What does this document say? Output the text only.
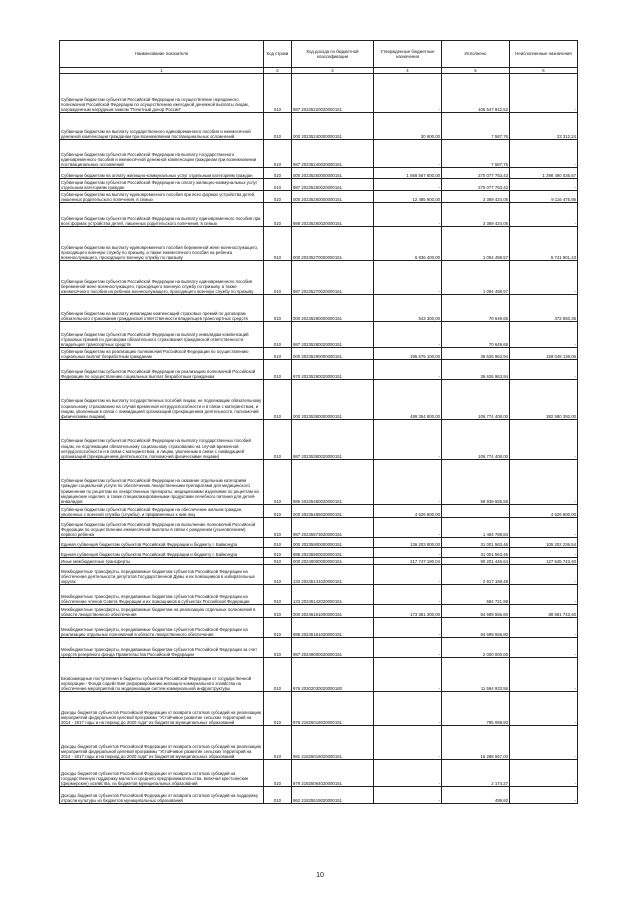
Наименование показателя	Код строки	Код дохода по бюджетной классификации	Утвержденные бюджетные назначения	Исполнено	Неисполненные назначения
1	2	3	4	5	6
Субвенции бюджетам субъектов Российской Федерации на осуществление переданного полномочия Российской Федерации по осуществлению ежегодной денежной выплаты лицам, награжденным нагрудным знаком "Почетный донор России"	010	987 20235220020000151	-	105 547 842,52	-
Субвенции бюджетам на выплату государственного единовременного пособия и ежемесячной денежной компенсации гражданам при возникновении поствакцинальных осложнений	010	000 20235240000000151	30 900,00	7 587,76	23 312,24
Субвенции бюджетам субъектов Российской Федерации на выплату государственного единовременного пособия и ежемесячной денежной компенсации гражданам при возникновении поствакцинальных осложнений	010	987 20235240020000151	-	7 587,76	-
Субвенции бюджетам на оплату жилищно-коммунальных услуг отдельным категориям граждан	010	000 20235250000000151	1 568 567 800,00	270 077 763,43	1 298 490 036,57
Субвенции бюджетам субъектов Российской Федерации на оплату жилищно-коммунальных услуг отдельным категориям граждан	010	987 20235250020000151	-	270 077 763,43	-
Субвенции бюджетам на выплату единовременного пособия при всех формах устройства детей, лишенных родительского попечения, в семью	010	000 20235260000000151	12 485 900,00	3 369 424,05	9 116 475,95
Субвенции бюджетам субъектов Российской Федерации на выплату единовременного пособия при всех формах устройства детей, лишенных родительского попечения, в семью	010	988 20235260020000151	-	3 369 424,05	-
Субвенции бюджетам на выплату единовременного пособия беременной жене военнослужащего, проходящего военную службу по призыву, а также ежемесячного пособия на ребенка военнослужащего, проходящего военную службу по призыву	010	000 20235270000000151	6 836 400,00	1 094 498,57	5 741 901,43
Субвенции бюджетам субъектов Российской Федерации на выплату единовременного пособия беременной жене военнослужащего, проходящего военную службу по призыву, а также ежемесячного пособия на ребенка военнослужащего, проходящего военную службу по призыву	010	987 20235270020000151	-	1 094 498,57	-
Субвенции бюджетам на выплату инвалидам компенсаций страховых премий по договорам обязательного страхования гражданской ответственности владельцев транспортных средств	010	000 20235280000000151	543 300,00	70 649,65	472 650,35
Субвенции бюджетам субъектов Российской Федерации на выплату инвалидам компенсаций страховых премий по договорам обязательного страхования гражданской ответственности владельцев транспортных средств	010	987 20235280020000151	-	70 649,65	-
Субвенции бюджетам на реализацию полномочий Российской Федерации по осуществлению социальных выплат безработным гражданам	010	000 20235290000000151	195 675 100,00	36 626 963,94	159 048 136,06
Субвенции бюджетам субъектов Российской Федерации на реализацию полномочий Российской Федерации по осуществлению социальных выплат безработным гражданам	010	970 20235290020000151	-	36 626 963,94	-
Субвенции бюджетам на выплату государственных пособий лицам, не подлежащим обязательному социальному страхованию на случай временной нетрудоспособности и в связи с материнством, и лицам, уволенным в связи с ликвидацией организаций (прекращением деятельности, полномочий физическими лицами)	010	000 20235380000000151	489 354 800,00	106 774 408,00	382 580 392,00
Субвенции бюджетам субъектов Российской Федерации на выплату государственных пособий лицам, не подлежащим обязательному социальному страхованию на случай временной нетрудоспособности и в связи с материнством, и лицам, уволенным в связи с ликвидацией организаций (прекращением деятельности, полномочий физическими лицами)	010	987 20235380020000151	-	106 774 408,00	-
Субвенции бюджетам субъектов Российской Федерации на оказание отдельным категориям граждан социальной услуги по обеспечению лекарственными препаратами для медицинского применения по рецептам на лекарственные препараты, медицинскими изделиями по рецептам на медицинские изделия, а также специализированными продуктами лечебного питания для детей-инвалидов	010	986 20235460020000151	-	58 939 655,55	-
Субвенции бюджетам субъектов Российской Федерации на обеспечение жильем граждан, уволенных с военной службы (службы), и приравненных к ним лиц	010	000 20235485020000151	4 626 800,00	-	4 626 800,00
Субвенции бюджетам субъектов Российской Федерации на выполнение полномочий Российской Федерации по осуществлению ежемесячной выплаты в связи с рождением (усыновлением) первого ребенка	010	987 20235573020000151	-	1 464 788,84	-
Единая субвенция бюджетам субъектов Российской Федерации и бюджету г. Байконура	010	000 20235900000000151	136 203 800,00	31 001 563,46	105 202 236,54
Единая субвенция бюджетам субъектов Российской Федерации и бюджету г. Байконура	010	988 20235900020000151	-	31 001 563,46	-
Иные межбюджетные трансферты	010	000 20240000000000151	217 747 190,04	90 201 446,64	127 545 743,40
Межбюджетные трансферты, передаваемые бюджетам субъектов Российской Федерации на обеспечение деятельности депутатов Государственной Думы и их помощников в избирательных округах	010	133 20245141020000151	-	2 917 168,48	-
Межбюджетные трансферты, передаваемые бюджетам субъектов Российской Федерации на обеспечение членов Совета Федерации и их помощников в субъектах Российской Федерации	010	133 20245142020000151	-	584 721,98	-
Межбюджетные трансферты, передаваемые бюджетам на реализацию отдельных полномочий в области лекарственного обеспечения	010	000 20245161000000151	173 381 300,00	84 699 556,60	88 681 743,40
Межбюджетные трансферты, передаваемые бюджетам субъектов Российской Федерации на реализацию отдельных полномочий в области лекарственного обеспечения	010	988 20245161020000151	-	84 699 556,60	-
Межбюджетные трансферты, передаваемые бюджетам субъектов Российской Федерации за счет средств резервного фонда Правительства Российской Федерации	010	987 20249000020000151	-	2 000 000,00	-
Безвозмездные поступления в бюджеты субъектов Российской Федерации от государственной корпорации - Фонда содействия реформированию жилищно-коммунального хозяйства на обеспечение мероприятий по модернизации систем коммунальной инфраструктуры	010	976 20302030020000180	-	11 594 933,56	-
Доходы бюджетов субъектов Российской Федерации от возврата остатков субсидий на реализацию мероприятий федеральной целевой программы "Устойчивое развитие сельских территорий на 2014 - 2017 годы и на период до 2020 года" из бюджетов муниципальных образований	010	978 21825018020000151	-	795 088,50	-
Доходы бюджетов субъектов Российской Федерации от возврата остатков субсидий на реализацию мероприятий федеральной целевой программы "Устойчивое развитие сельских территорий на 2014 - 2017 годы и на период до 2020 года" из бюджетов муниципальных образований	010	981 21825018020000151	-	16 288 567,00	-
Доходы бюджетов субъектов Российской Федерации от возврата остатков субсидий на государственную поддержку малого и среднего предпринимательства, включая крестьянские (фермерские) хозяйства, из бюджетов муниципальных образований	010	979 21825064020000151	-	2 174,27	-
Доходы бюджетов субъектов Российской Федерации от возврата остатков субсидий на поддержку отрасли культуры из бюджетов муниципальных образований	010	962 21825519020000151	-	499,60	-
10
